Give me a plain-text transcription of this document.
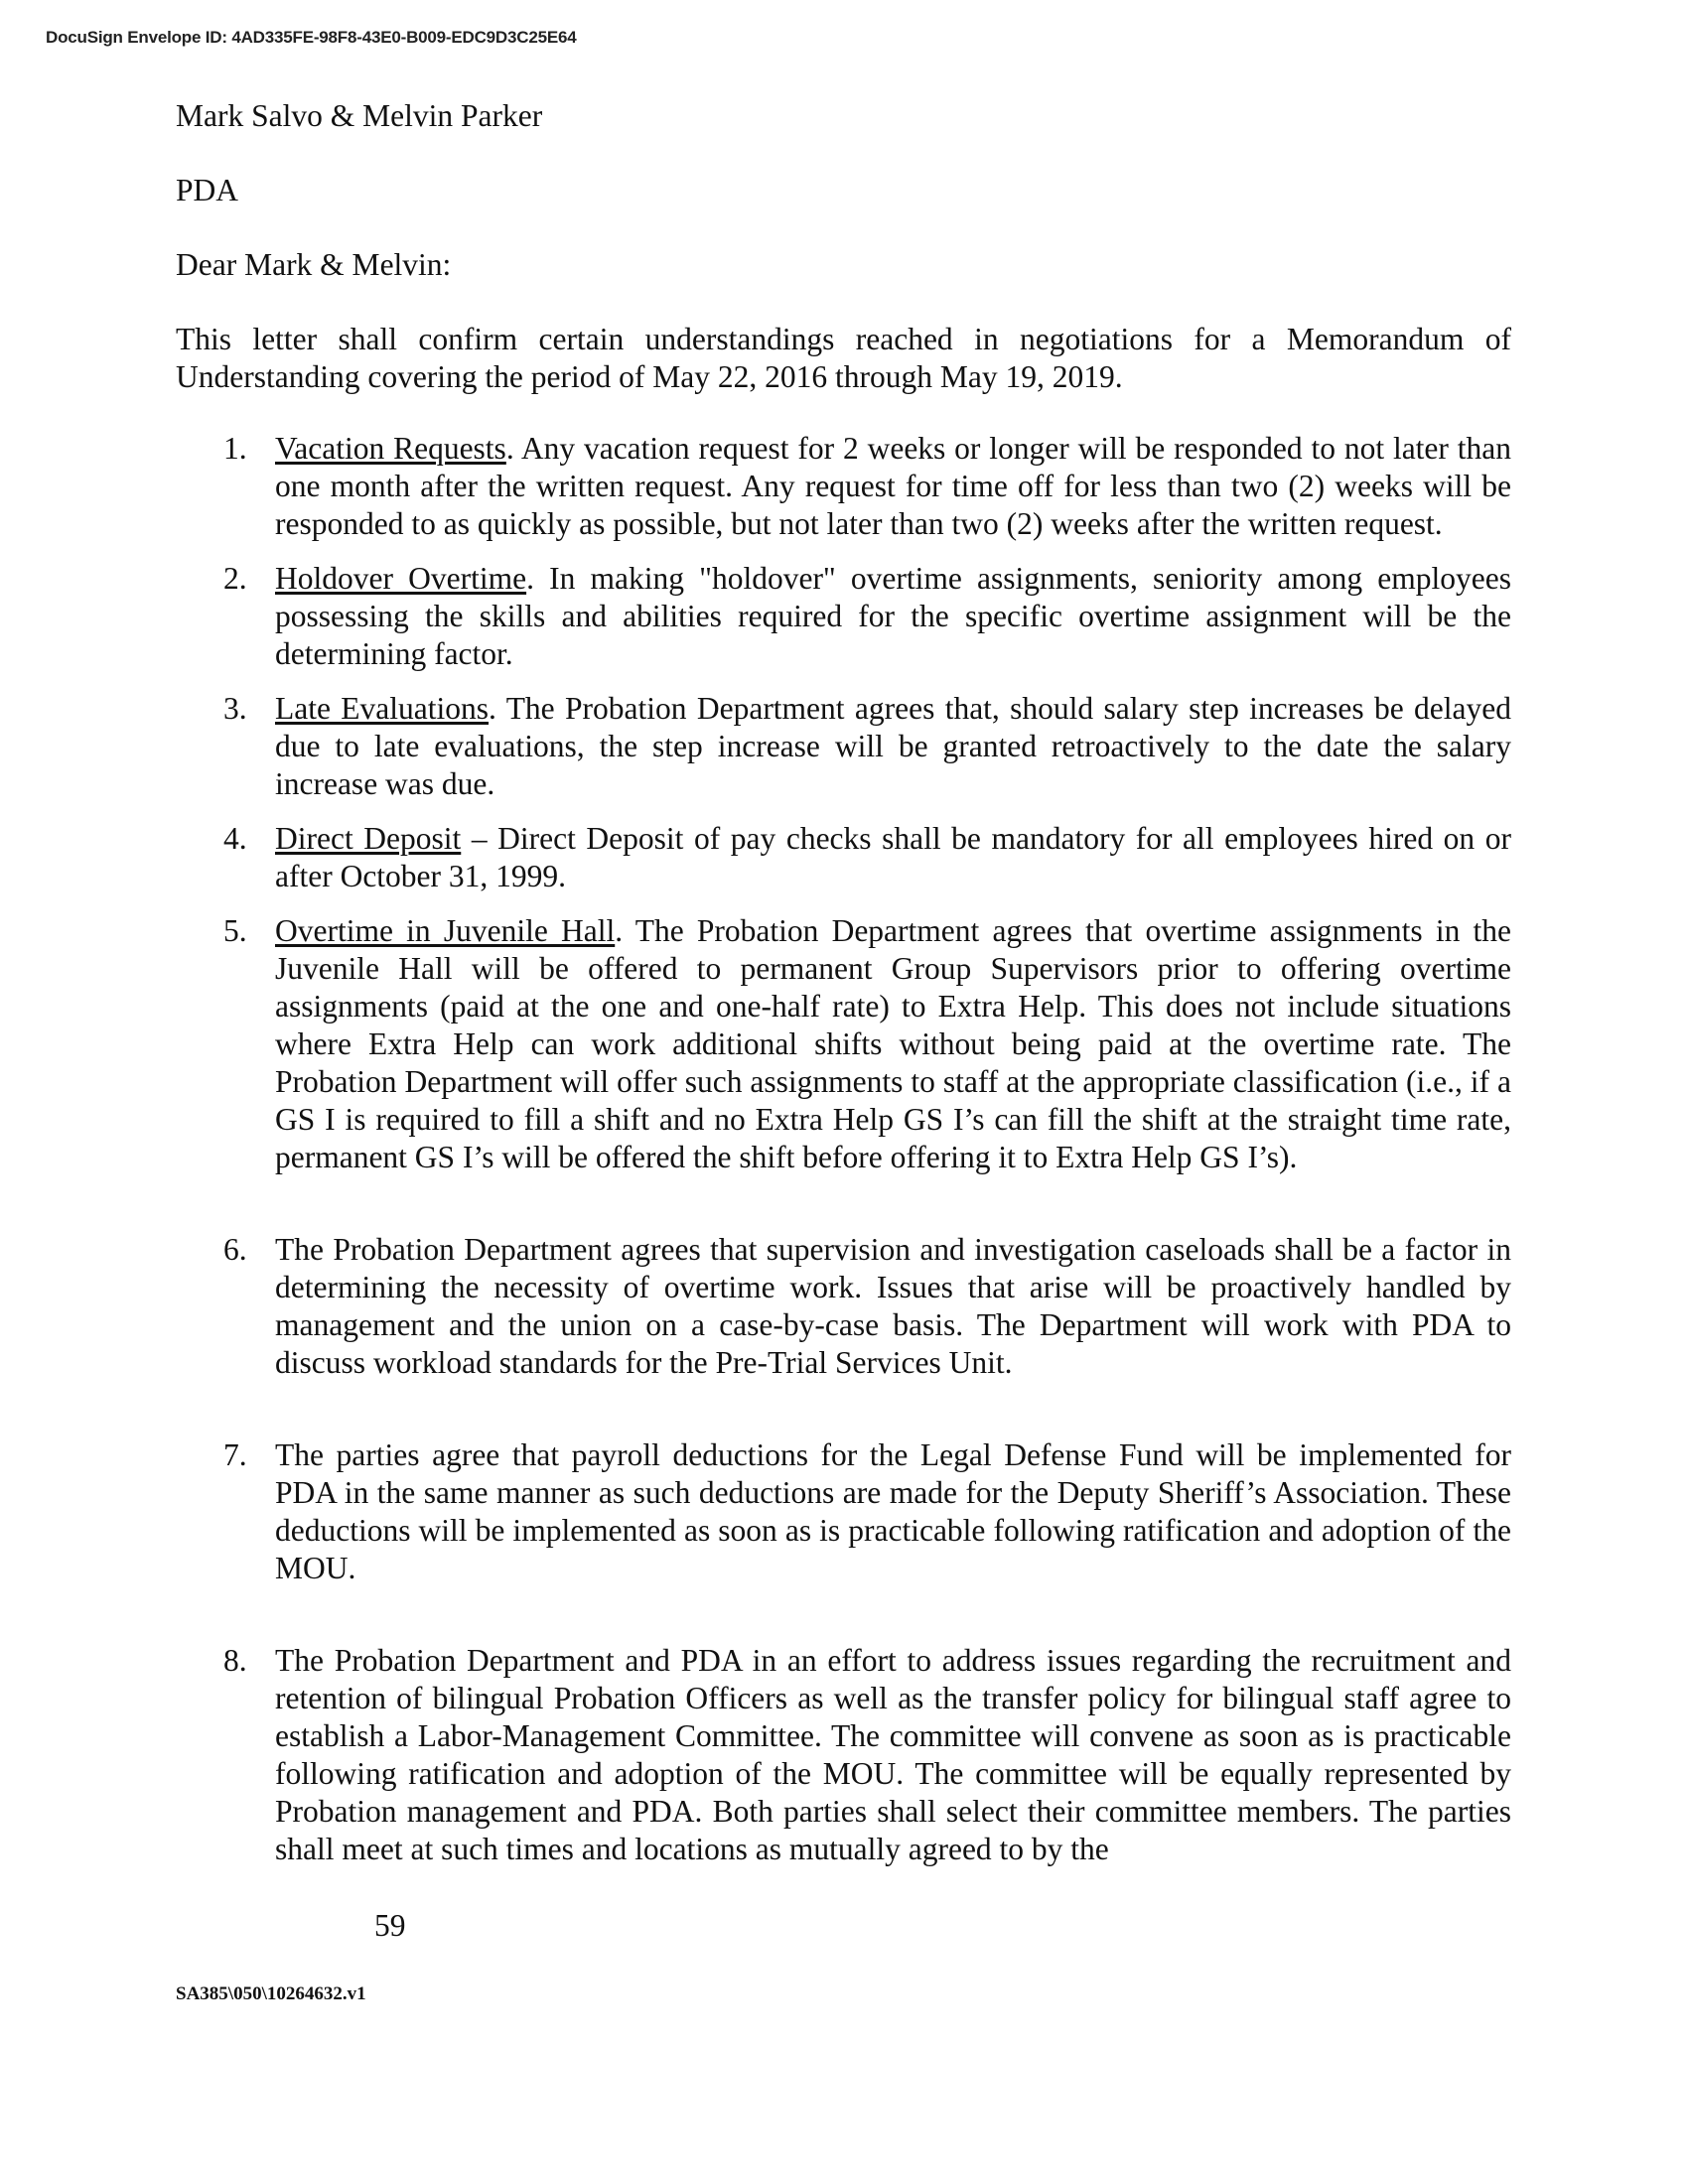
DocuSign Envelope ID: 4AD335FE-98F8-43E0-B009-EDC9D3C25E64

Mark Salvo & Melvin Parker

PDA

Dear Mark & Melvin:

This letter shall confirm certain understandings reached in negotiations for a Memorandum of Understanding covering the period of May 22, 2016 through May 19, 2019.

1. Vacation Requests. Any vacation request for 2 weeks or longer will be responded to not later than one month after the written request. Any request for time off for less than two (2) weeks will be responded to as quickly as possible, but not later than two (2) weeks after the written request.
2. Holdover Overtime. In making "holdover" overtime assignments, seniority among employees possessing the skills and abilities required for the specific overtime assignment will be the determining factor.
3. Late Evaluations. The Probation Department agrees that, should salary step increases be delayed due to late evaluations, the step increase will be granted retroactively to the date the salary increase was due.
4. Direct Deposit – Direct Deposit of pay checks shall be mandatory for all employees hired on or after October 31, 1999.
5. Overtime in Juvenile Hall. The Probation Department agrees that overtime assignments in the Juvenile Hall will be offered to permanent Group Supervisors prior to offering overtime assignments (paid at the one and one-half rate) to Extra Help. This does not include situations where Extra Help can work additional shifts without being paid at the overtime rate. The Probation Department will offer such assignments to staff at the appropriate classification (i.e., if a GS I is required to fill a shift and no Extra Help GS I’s can fill the shift at the straight time rate, permanent GS I’s will be offered the shift before offering it to Extra Help GS I’s).
6. The Probation Department agrees that supervision and investigation caseloads shall be a factor in determining the necessity of overtime work. Issues that arise will be proactively handled by management and the union on a case-by-case basis. The Department will work with PDA to discuss workload standards for the Pre-Trial Services Unit.
7. The parties agree that payroll deductions for the Legal Defense Fund will be implemented for PDA in the same manner as such deductions are made for the Deputy Sheriff’s Association. These deductions will be implemented as soon as is practicable following ratification and adoption of the MOU.
8. The Probation Department and PDA in an effort to address issues regarding the recruitment and retention of bilingual Probation Officers as well as the transfer policy for bilingual staff agree to establish a Labor-Management Committee. The committee will convene as soon as is practicable following ratification and adoption of the MOU. The committee will be equally represented by Probation management and PDA. Both parties shall select their committee members. The parties shall meet at such times and locations as mutually agreed to by the
59
SA385\050\10264632.v1
